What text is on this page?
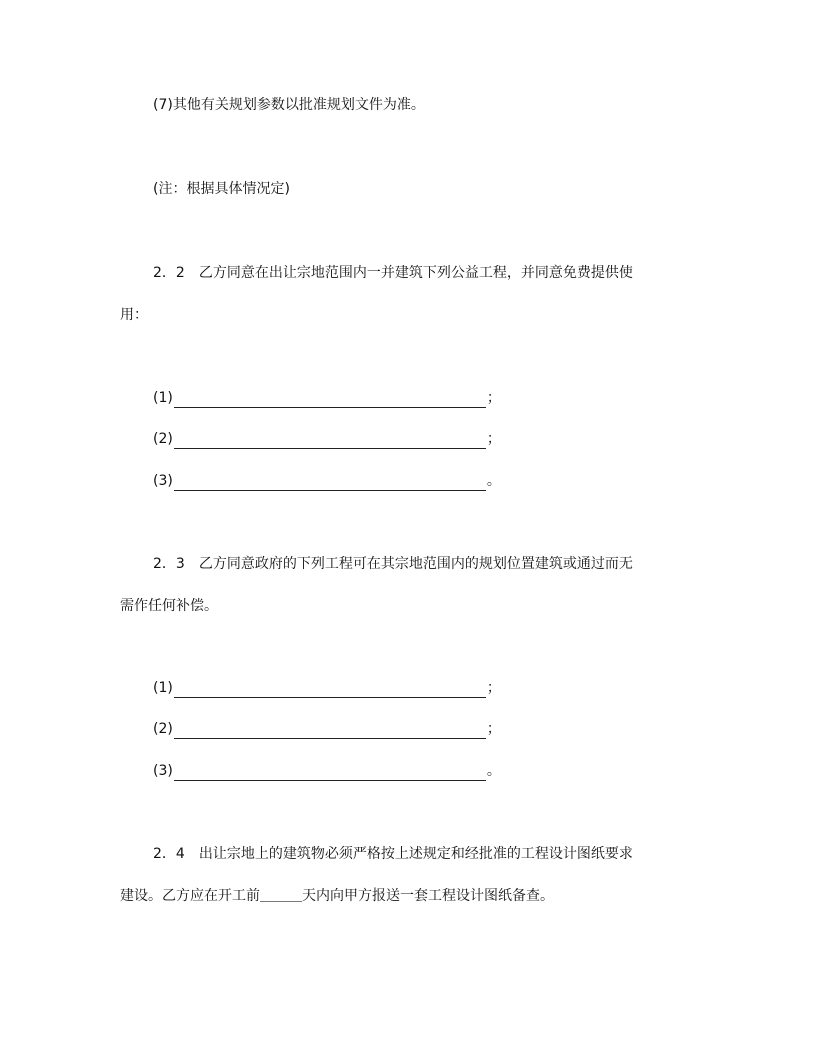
(7)其他有关规划参数以批准规划文件为准。
(注：根据具体情况定)
2．2　乙方同意在出让宗地范围内一并建筑下列公益工程，并同意免费提供使
用：
(1)	；
(2)	；
(3)	。
2．3　乙方同意政府的下列工程可在其宗地范围内的规划位置建筑或通过而无
需作任何补偿。
(1)	；
(2)	；
(3)	。
2．4　出让宗地上的建筑物必须严格按上述规定和经批准的工程设计图纸要求
建设。乙方应在开工前＿＿＿天内向甲方报送一套工程设计图纸备查。
